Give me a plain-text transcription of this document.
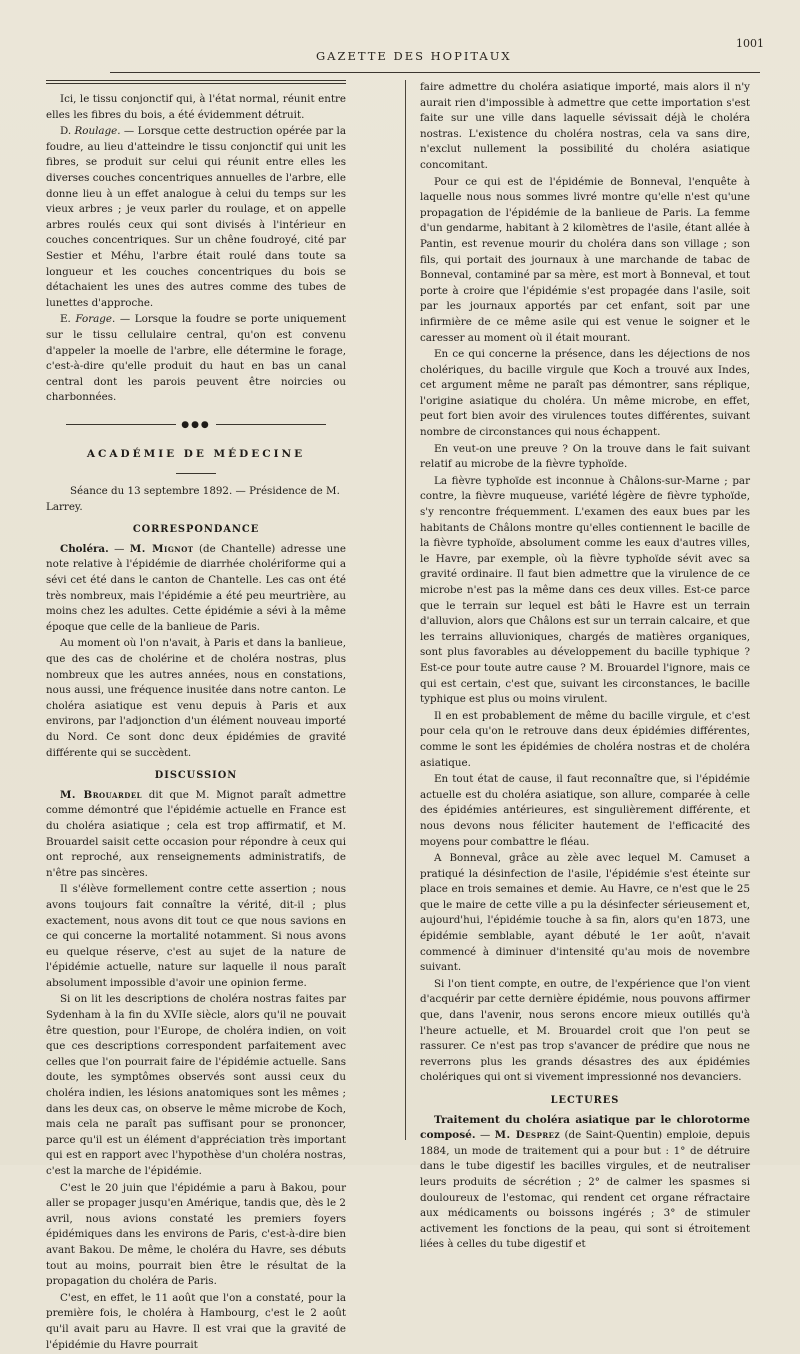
GAZETTE DES HOPITAUX
1001

Ici, le tissu conjonctif qui, à l'état normal, réunit entre elles les fibres du bois, a été évidemment détruit.

D. Roulage. — Lorsque cette destruction opérée par la foudre, au lieu d'atteindre le tissu conjonctif qui unit les fibres, se produit sur celui qui réunit entre elles les diverses couches concentriques annuelles de l'arbre, elle donne lieu à un effet analogue à celui du temps sur les vieux arbres ; je veux parler du roulage, et on appelle arbres roulés ceux qui sont divisés à l'intérieur en couches concentriques. Sur un chêne foudroyé, cité par Sestier et Méhu, l'arbre était roulé dans toute sa longueur et les couches concentriques du bois se détachaient les unes des autres comme des tubes de lunettes d'approche.

E. Forage. — Lorsque la foudre se porte uniquement sur le tissu cellulaire central, qu'on est convenu d'appeler la moelle de l'arbre, elle détermine le forage, c'est-à-dire qu'elle produit du haut en bas un canal central dont les parois peuvent être noircies ou charbonnées.

●●●
ACADÉMIE DE MÉDECINE

Séance du 13 septembre 1892. — Présidence de M. Larrey.

CORRESPONDANCE

Choléra. — M. Mignot (de Chantelle) adresse une note relative à l'épidémie de diarrhée cholériforme qui a sévi cet été dans le canton de Chantelle. Les cas ont été très nombreux, mais l'épidémie a été peu meurtrière, au moins chez les adultes. Cette épidémie a sévi à la même époque que celle de la banlieue de Paris.

Au moment où l'on n'avait, à Paris et dans la banlieue, que des cas de cholérine et de choléra nostras, plus nombreux que les autres années, nous en constations, nous aussi, une fréquence inusitée dans notre canton. Le choléra asiatique est venu depuis à Paris et aux environs, par l'adjonction d'un élément nouveau importé du Nord. Ce sont donc deux épidémies de gravité différente qui se succèdent.

DISCUSSION

M. Brouardel dit que M. Mignot paraît admettre comme démontré que l'épidémie actuelle en France est du choléra asiatique ; cela est trop affirmatif, et M. Brouardel saisit cette occasion pour répondre à ceux qui ont reproché, aux renseignements administratifs, de n'être pas sincères.

Il s'élève formellement contre cette assertion ; nous avons toujours fait connaître la vérité, dit-il ; plus exactement, nous avons dit tout ce que nous savions en ce qui concerne la mortalité notamment. Si nous avons eu quelque réserve, c'est au sujet de la nature de l'épidémie actuelle, nature sur laquelle il nous paraît absolument impossible d'avoir une opinion ferme.

Si on lit les descriptions de choléra nostras faites par Sydenham à la fin du XVIIe siècle, alors qu'il ne pouvait être question, pour l'Europe, de choléra indien, on voit que ces descriptions correspondent parfaitement avec celles que l'on pourrait faire de l'épidémie actuelle. Sans doute, les symptômes observés sont aussi ceux du choléra indien, les lésions anatomiques sont les mêmes ; dans les deux cas, on observe le même microbe de Koch, mais cela ne paraît pas suffisant pour se prononcer, parce qu'il est un élément d'appréciation très important qui est en rapport avec l'hypothèse d'un choléra nostras, c'est la marche de l'épidémie.

C'est le 20 juin que l'épidémie a paru à Bakou, pour aller se propager jusqu'en Amérique, tandis que, dès le 2 avril, nous avions constaté les premiers foyers épidémiques dans les environs de Paris, c'est-à-dire bien avant Bakou. De même, le choléra du Havre, ses débuts tout au moins, pourrait bien être le résultat de la propagation du choléra de Paris.

C'est, en effet, le 11 août que l'on a constaté, pour la première fois, le choléra à Hambourg, c'est le 2 août qu'il avait paru au Havre. Il est vrai que la gravité de l'épidémie du Havre pourrait

faire admettre du choléra asiatique importé, mais alors il n'y aurait rien d'impossible à admettre que cette importation s'est faite sur une ville dans laquelle sévissait déjà le choléra nostras. L'existence du choléra nostras, cela va sans dire, n'exclut nullement la possibilité du choléra asiatique concomitant.

Pour ce qui est de l'épidémie de Bonneval, l'enquête à laquelle nous nous sommes livré montre qu'elle n'est qu'une propagation de l'épidémie de la banlieue de Paris. La femme d'un gendarme, habitant à 2 kilomètres de l'asile, étant allée à Pantin, est revenue mourir du choléra dans son village ; son fils, qui portait des journaux à une marchande de tabac de Bonneval, contaminé par sa mère, est mort à Bonneval, et tout porte à croire que l'épidémie s'est propagée dans l'asile, soit par les journaux apportés par cet enfant, soit par une infirmière de ce même asile qui est venue le soigner et le caresser au moment où il était mourant.

En ce qui concerne la présence, dans les déjections de nos cholériques, du bacille virgule que Koch a trouvé aux Indes, cet argument même ne paraît pas démontrer, sans réplique, l'origine asiatique du choléra. Un même microbe, en effet, peut fort bien avoir des virulences toutes différentes, suivant nombre de circonstances qui nous échappent.

En veut-on une preuve ? On la trouve dans le fait suivant relatif au microbe de la fièvre typhoïde.

La fièvre typhoïde est inconnue à Châlons-sur-Marne ; par contre, la fièvre muqueuse, variété légère de fièvre typhoïde, s'y rencontre fréquemment. L'examen des eaux bues par les habitants de Châlons montre qu'elles contiennent le bacille de la fièvre typhoïde, absolument comme les eaux d'autres villes, le Havre, par exemple, où la fièvre typhoïde sévit avec sa gravité ordinaire. Il faut bien admettre que la virulence de ce microbe n'est pas la même dans ces deux villes. Est-ce parce que le terrain sur lequel est bâti le Havre est un terrain d'alluvion, alors que Châlons est sur un terrain calcaire, et que les terrains alluvioniques, chargés de matières organiques, sont plus favorables au développement du bacille typhique ? Est-ce pour toute autre cause ? M. Brouardel l'ignore, mais ce qui est certain, c'est que, suivant les circonstances, le bacille typhique est plus ou moins virulent.

Il en est probablement de même du bacille virgule, et c'est pour cela qu'on le retrouve dans deux épidémies différentes, comme le sont les épidémies de choléra nostras et de choléra asiatique.

En tout état de cause, il faut reconnaître que, si l'épidémie actuelle est du choléra asiatique, son allure, comparée à celle des épidémies antérieures, est singulièrement différente, et nous devons nous féliciter hautement de l'efficacité des moyens pour combattre le fléau.

A Bonneval, grâce au zèle avec lequel M. Camuset a pratiqué la désinfection de l'asile, l'épidémie s'est éteinte sur place en trois semaines et demie. Au Havre, ce n'est que le 25 que le maire de cette ville a pu la désinfecter sérieusement et, aujourd'hui, l'épidémie touche à sa fin, alors qu'en 1873, une épidémie semblable, ayant débuté le 1er août, n'avait commencé à diminuer d'intensité qu'au mois de novembre suivant.

Si l'on tient compte, en outre, de l'expérience que l'on vient d'acquérir par cette dernière épidémie, nous pouvons affirmer que, dans l'avenir, nous serons encore mieux outillés qu'à l'heure actuelle, et M. Brouardel croit que l'on peut se rassurer. Ce n'est pas trop s'avancer de prédire que nous ne reverrons plus les grands désastres des aux épidémies cholériques qui ont si vivement impressionné nos devanciers.

LECTURES

Traitement du choléra asiatique par le chlorotorme composé. — M. Desprez (de Saint-Quentin) emploie, depuis 1884, un mode de traitement qui a pour but : 1° de détruire dans le tube digestif les bacilles virgules, et de neutraliser leurs produits de sécrétion ; 2° de calmer les spasmes si douloureux de l'estomac, qui rendent cet organe réfractaire aux médicaments ou boissons ingérés ; 3° de stimuler activement les fonctions de la peau, qui sont si étroitement liées à celles du tube digestif et
